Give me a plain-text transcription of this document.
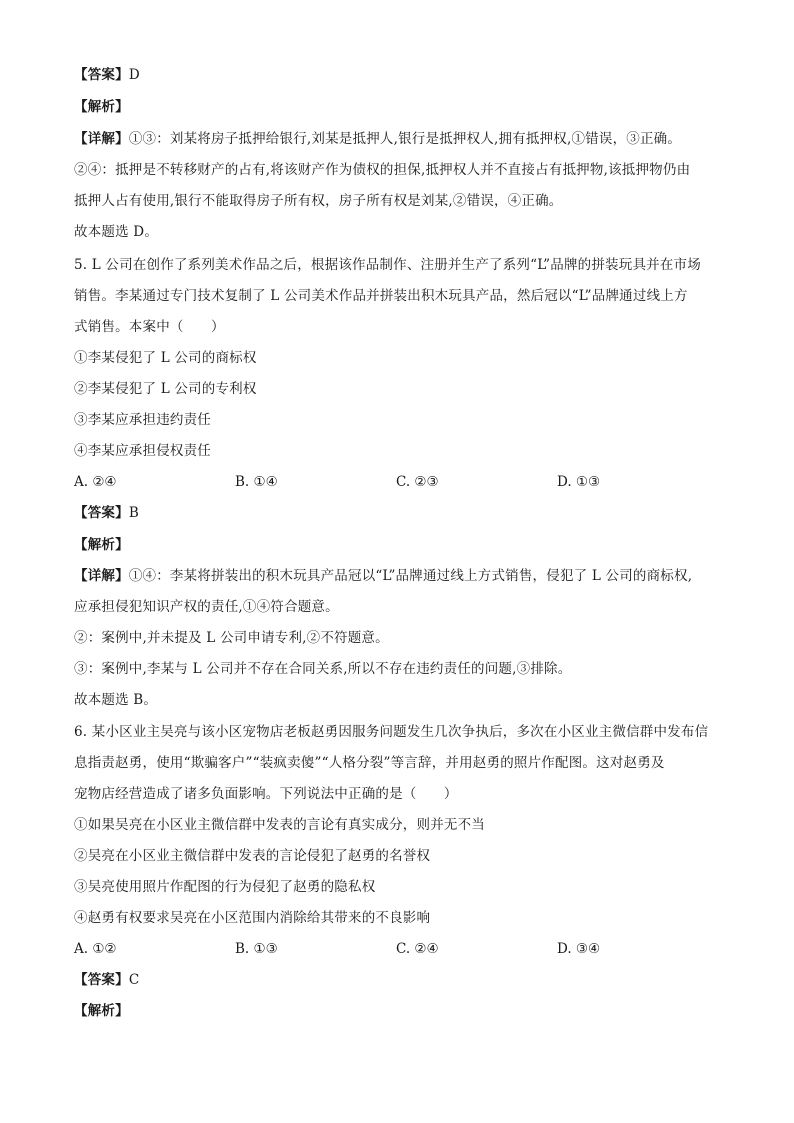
【答案】D
【解析】
【详解】①③：刘某将房子抵押给银行,刘某是抵押人,银行是抵押权人,拥有抵押权,①错误，③正确。
②④：抵押是不转移财产的占有,将该财产作为债权的担保,抵押权人并不直接占有抵押物,该抵押物仍由
抵押人占有使用,银行不能取得房子所有权，房子所有权是刘某,②错误，④正确。
故本题选 D。
5. L 公司在创作了系列美术作品之后，根据该作品制作、注册并生产了系列“L”品牌的拼装玩具并在市场
销售。李某通过专门技术复制了 L 公司美术作品并拼装出积木玩具产品，然后冠以“L”品牌通过线上方
式销售。本案中（　　）
①李某侵犯了 L 公司的商标权
②李某侵犯了 L 公司的专利权
③李某应承担违约责任
④李某应承担侵权责任
A. ②④	B. ①④	C. ②③	D. ①③
【答案】B
【解析】
【详解】①④：李某将拼装出的积木玩具产品冠以“L”品牌通过线上方式销售，侵犯了 L 公司的商标权,
应承担侵犯知识产权的责任,①④符合题意。
②：案例中,并未提及 L 公司申请专利,②不符题意。
③：案例中,李某与 L 公司并不存在合同关系,所以不存在违约责任的问题,③排除。
故本题选 B。
6. 某小区业主吴亮与该小区宠物店老板赵勇因服务问题发生几次争执后，多次在小区业主微信群中发布信
息指责赵勇，使用“欺骗客户”“装疯卖傻”“人格分裂”等言辞，并用赵勇的照片作配图。这对赵勇及
宠物店经营造成了诸多负面影响。下列说法中正确的是（　　）
①如果吴亮在小区业主微信群中发表的言论有真实成分，则并无不当
②吴亮在小区业主微信群中发表的言论侵犯了赵勇的名誉权
③吴亮使用照片作配图的行为侵犯了赵勇的隐私权
④赵勇有权要求吴亮在小区范围内消除给其带来的不良影响
A. ①②	B. ①③	C. ②④	D. ③④
【答案】C
【解析】
